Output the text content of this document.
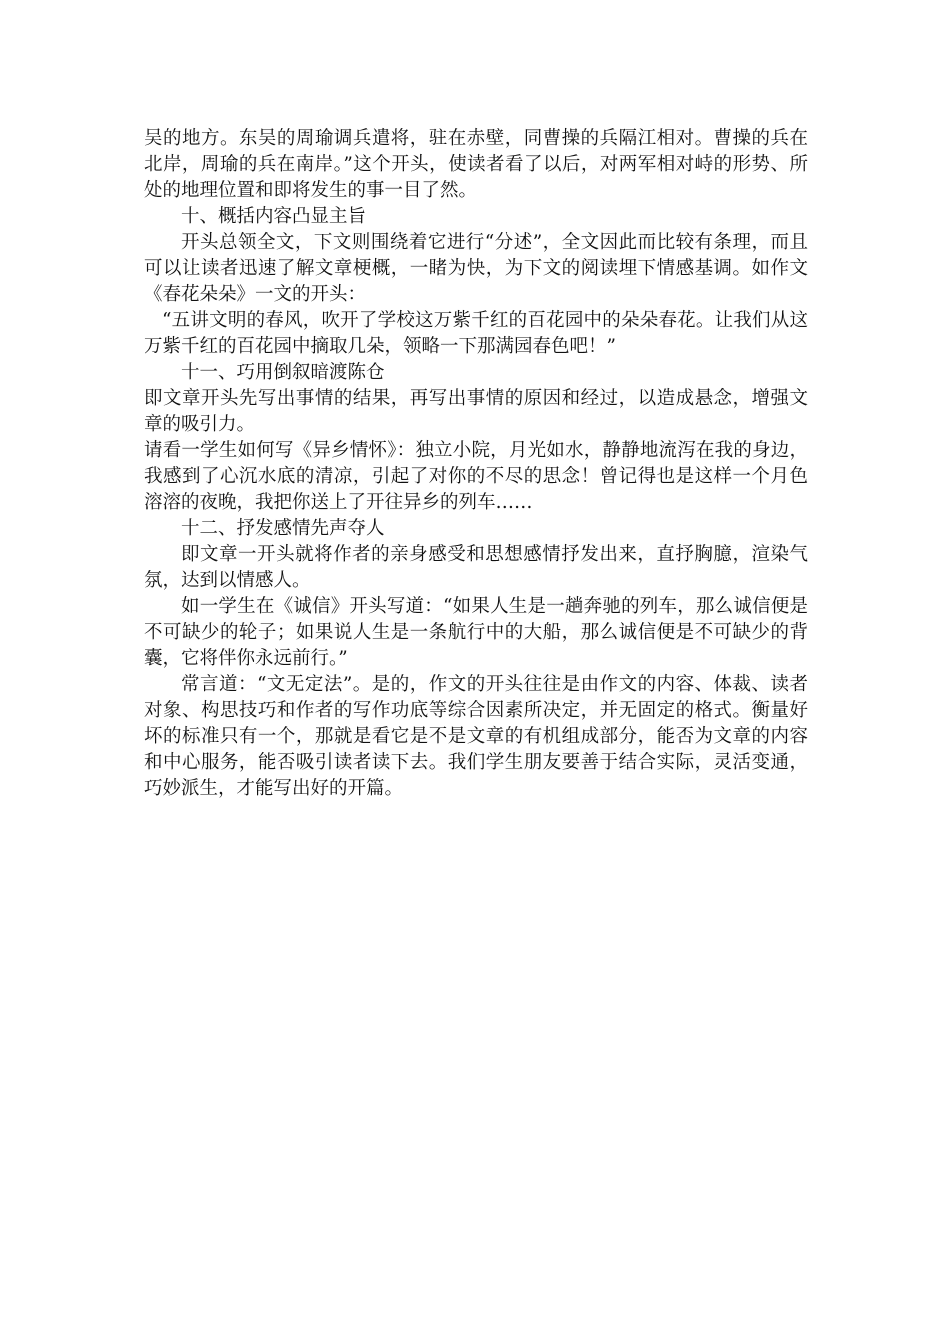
吴的地方。东吴的周瑜调兵遣将，驻在赤壁，同曹操的兵隔江相对。曹操的兵在北岸，周瑜的兵在南岸。”这个开头，使读者看了以后，对两军相对峙的形势、所处的地理位置和即将发生的事一目了然。

十、概括内容凸显主旨

开头总领全文，下文则围绕着它进行“分述”，全文因此而比较有条理，而且可以让读者迅速了解文章梗概，一睹为快，为下文的阅读埋下情感基调。如作文《春花朵朵》一文的开头：

“五讲文明的春风，吹开了学校这万紫千红的百花园中的朵朵春花。让我们从这万紫千红的百花园中摘取几朵，领略一下那满园春色吧！”

十一、巧用倒叙暗渡陈仓

即文章开头先写出事情的结果，再写出事情的原因和经过，以造成悬念，增强文章的吸引力。

请看一学生如何写《异乡情怀》：独立小院，月光如水，静静地流泻在我的身边，我感到了心沉水底的清凉，引起了对你的不尽的思念！曾记得也是这样一个月色溶溶的夜晚，我把你送上了开往异乡的列车……

十二、抒发感情先声夺人

即文章一开头就将作者的亲身感受和思想感情抒发出来，直抒胸臆，渲染气氛，达到以情感人。

如一学生在《诚信》开头写道：“如果人生是一趟奔驰的列车，那么诚信便是不可缺少的轮子；如果说人生是一条航行中的大船，那么诚信便是不可缺少的背囊，它将伴你永远前行。”

常言道：“文无定法”。是的，作文的开头往往是由作文的内容、体裁、读者对象、构思技巧和作者的写作功底等综合因素所决定，并无固定的格式。衡量好坏的标准只有一个，那就是看它是不是文章的有机组成部分，能否为文章的内容和中心服务，能否吸引读者读下去。我们学生朋友要善于结合实际，灵活变通，巧妙派生，才能写出好的开篇。
